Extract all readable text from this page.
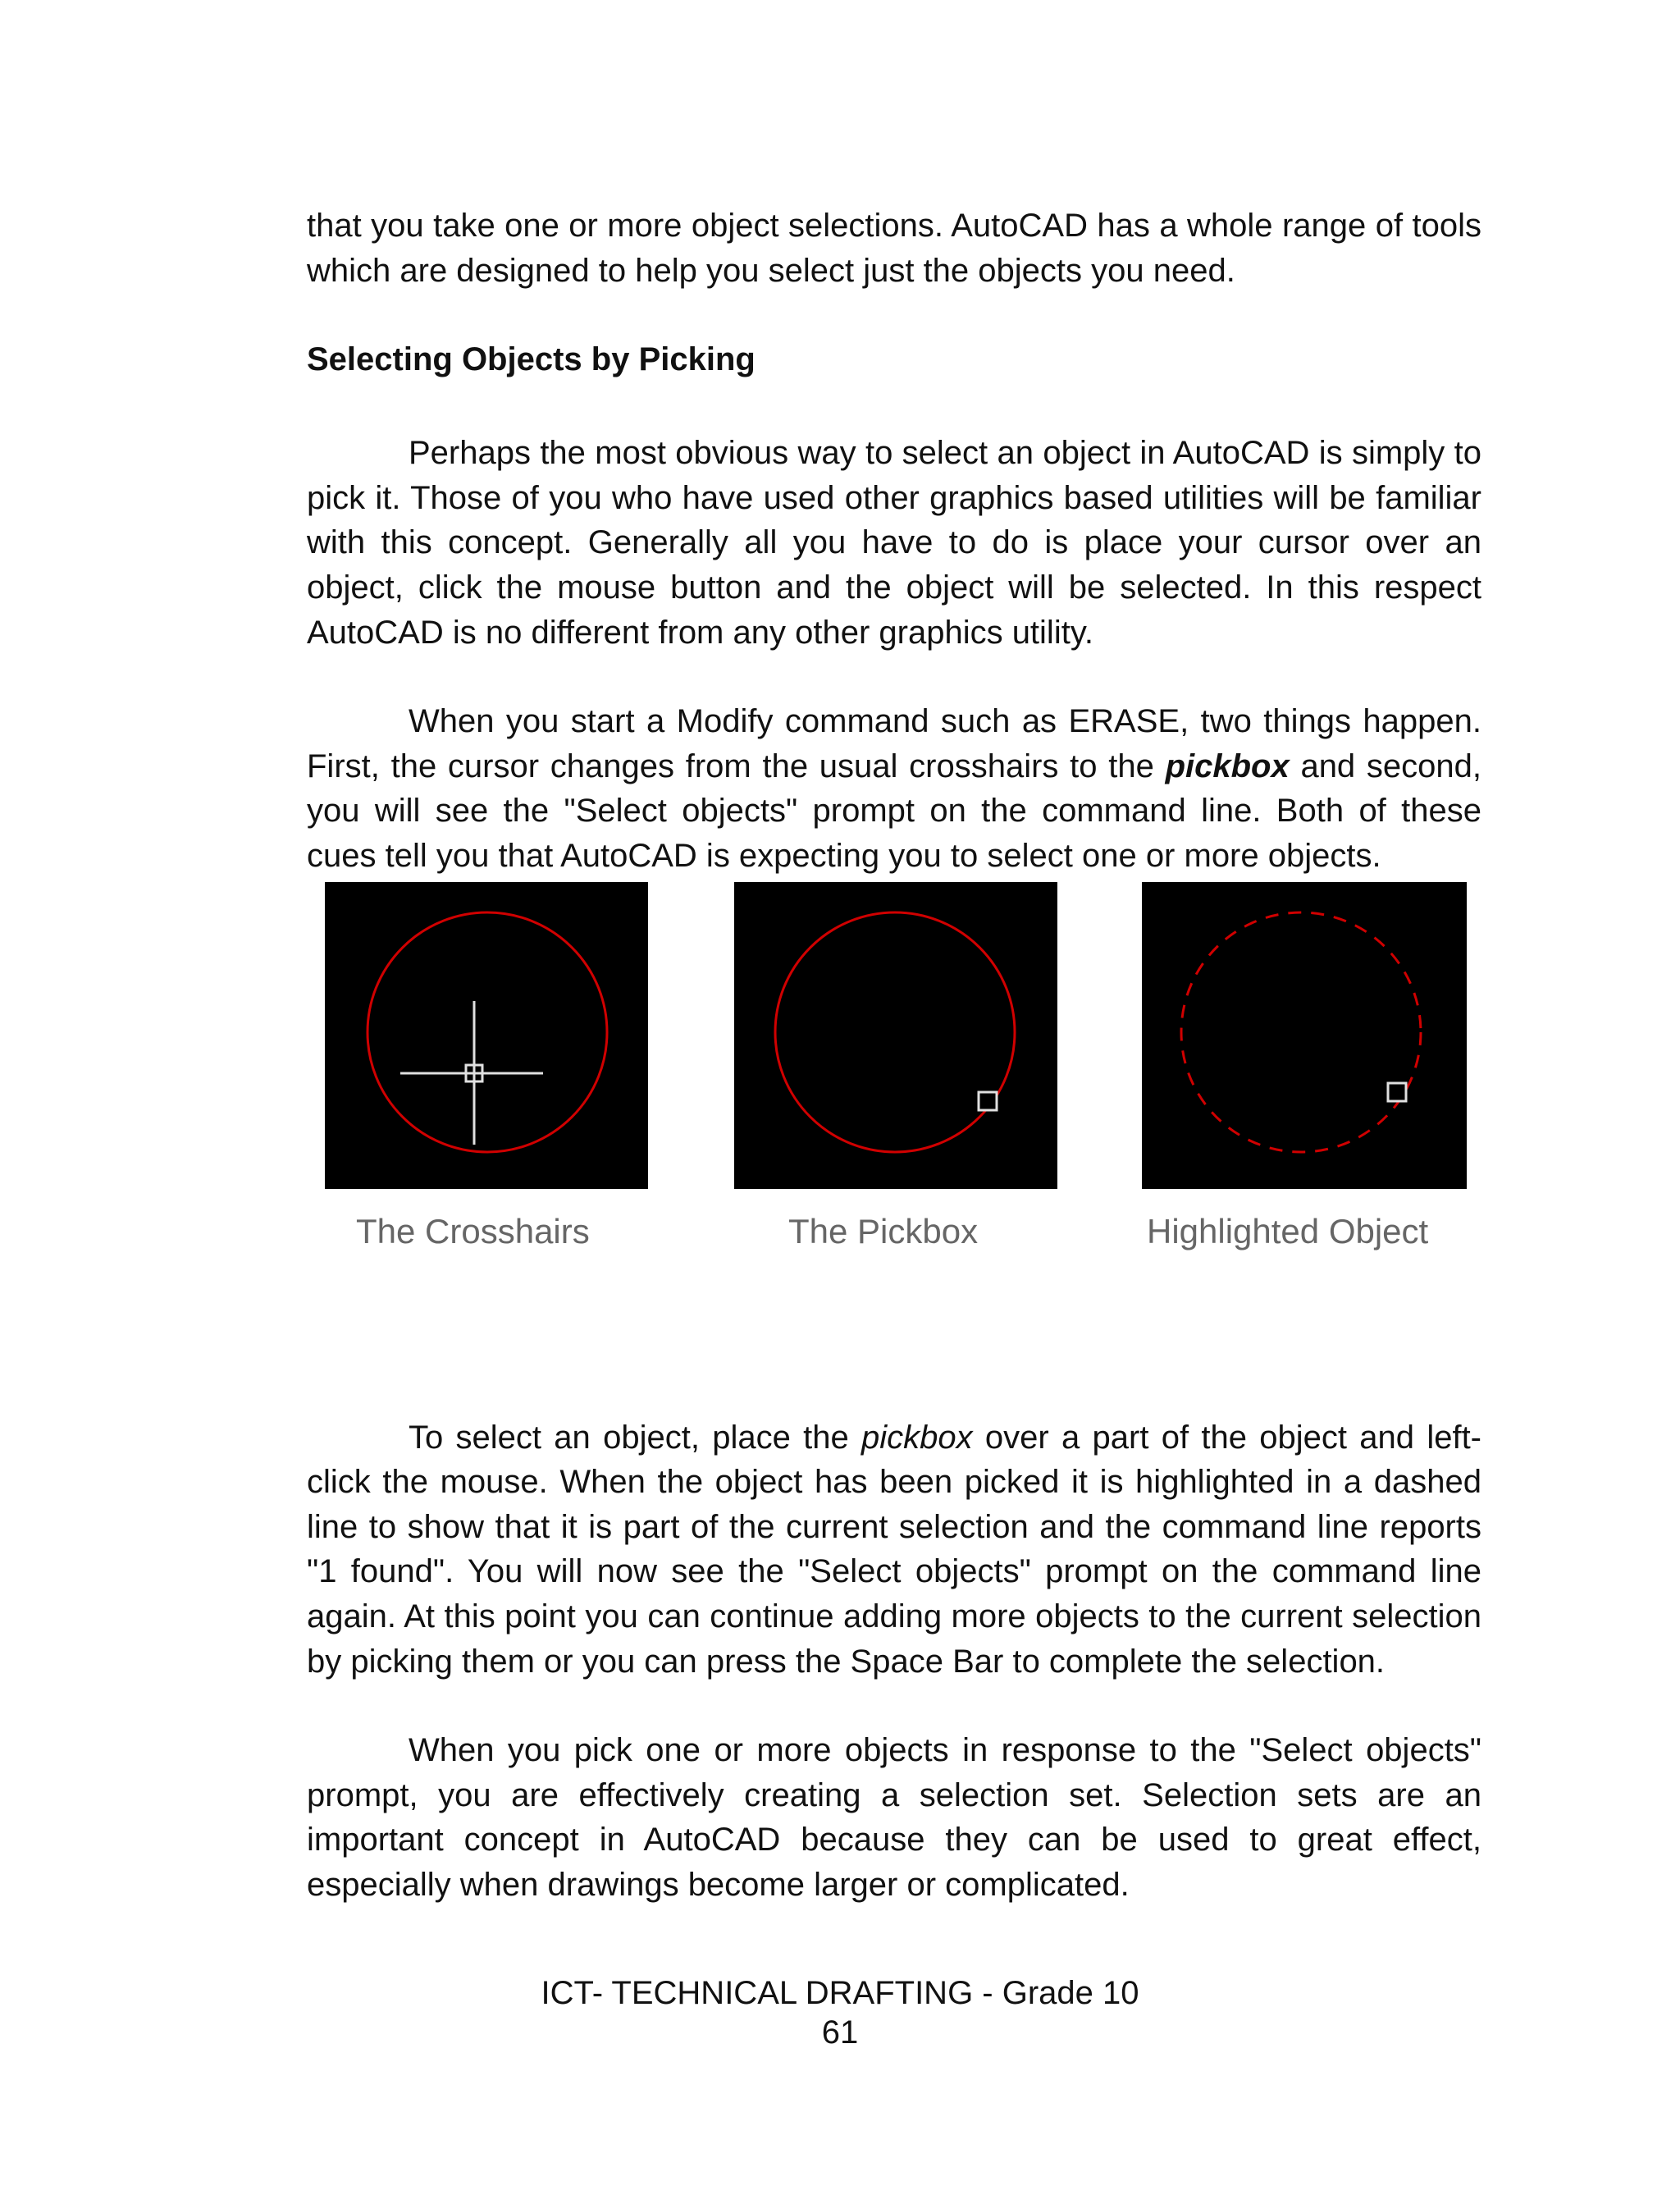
that you take one or more object selections. AutoCAD has a whole range of tools which are designed to help you select just the objects you need.

Selecting Objects by Picking

Perhaps the most obvious way to select an object in AutoCAD is simply to pick it. Those of you who have used other graphics based utilities will be familiar with this concept. Generally all you have to do is place your cursor over an object, click the mouse button and the object will be selected. In this respect AutoCAD is no different from any other graphics utility.

When you start a Modify command such as ERASE, two things happen. First, the cursor changes from the usual crosshairs to the pickbox and second, you will see the "Select objects" prompt on the command line. Both of these cues tell you that AutoCAD is expecting you to select one or more objects.

The Crosshairs	The Pickbox	Highlighted Object

To select an object, place the pickbox over a part of the object and left-click the mouse. When the object has been picked it is highlighted in a dashed line to show that it is part of the current selection and the command line reports "1 found". You will now see the "Select objects" prompt on the command line again. At this point you can continue adding more objects to the current selection by picking them or you can press the Space Bar to complete the selection.

When you pick one or more objects in response to the "Select objects" prompt, you are effectively creating a selection set. Selection sets are an important concept in AutoCAD because they can be used to great effect, especially when drawings become larger or complicated.

ICT- TECHNICAL DRAFTING - Grade 10
61
